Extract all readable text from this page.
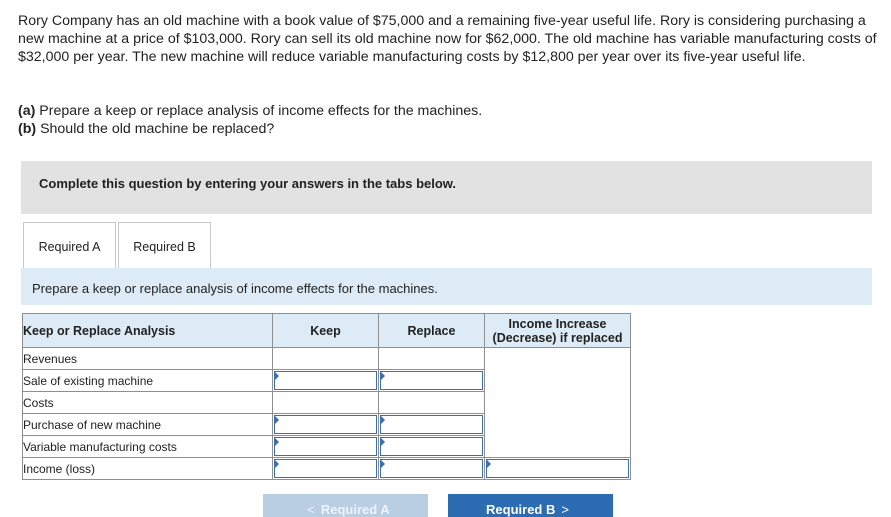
Rory Company has an old machine with a book value of $75,000 and a remaining five-year useful life. Rory is considering purchasing a new machine at a price of $103,000. Rory can sell its old machine now for $62,000. The old machine has variable manufacturing costs of $32,000 per year. The new machine will reduce variable manufacturing costs by $12,800 per year over its five-year useful life.

(a) Prepare a keep or replace analysis of income effects for the machines.
(b) Should the old machine be replaced?
Complete this question by entering your answers in the tabs below.
Required A	Required B
Prepare a keep or replace analysis of income effects for the machines.
Keep or Replace Analysis	Keep	Replace	Income Increase
(Decrease) if replaced

Revenues			
Sale of existing machine	

Costs			
Purchase of new machine	

Variable manufacturing costs	

Income (loss)	

< Required A	Required B >
